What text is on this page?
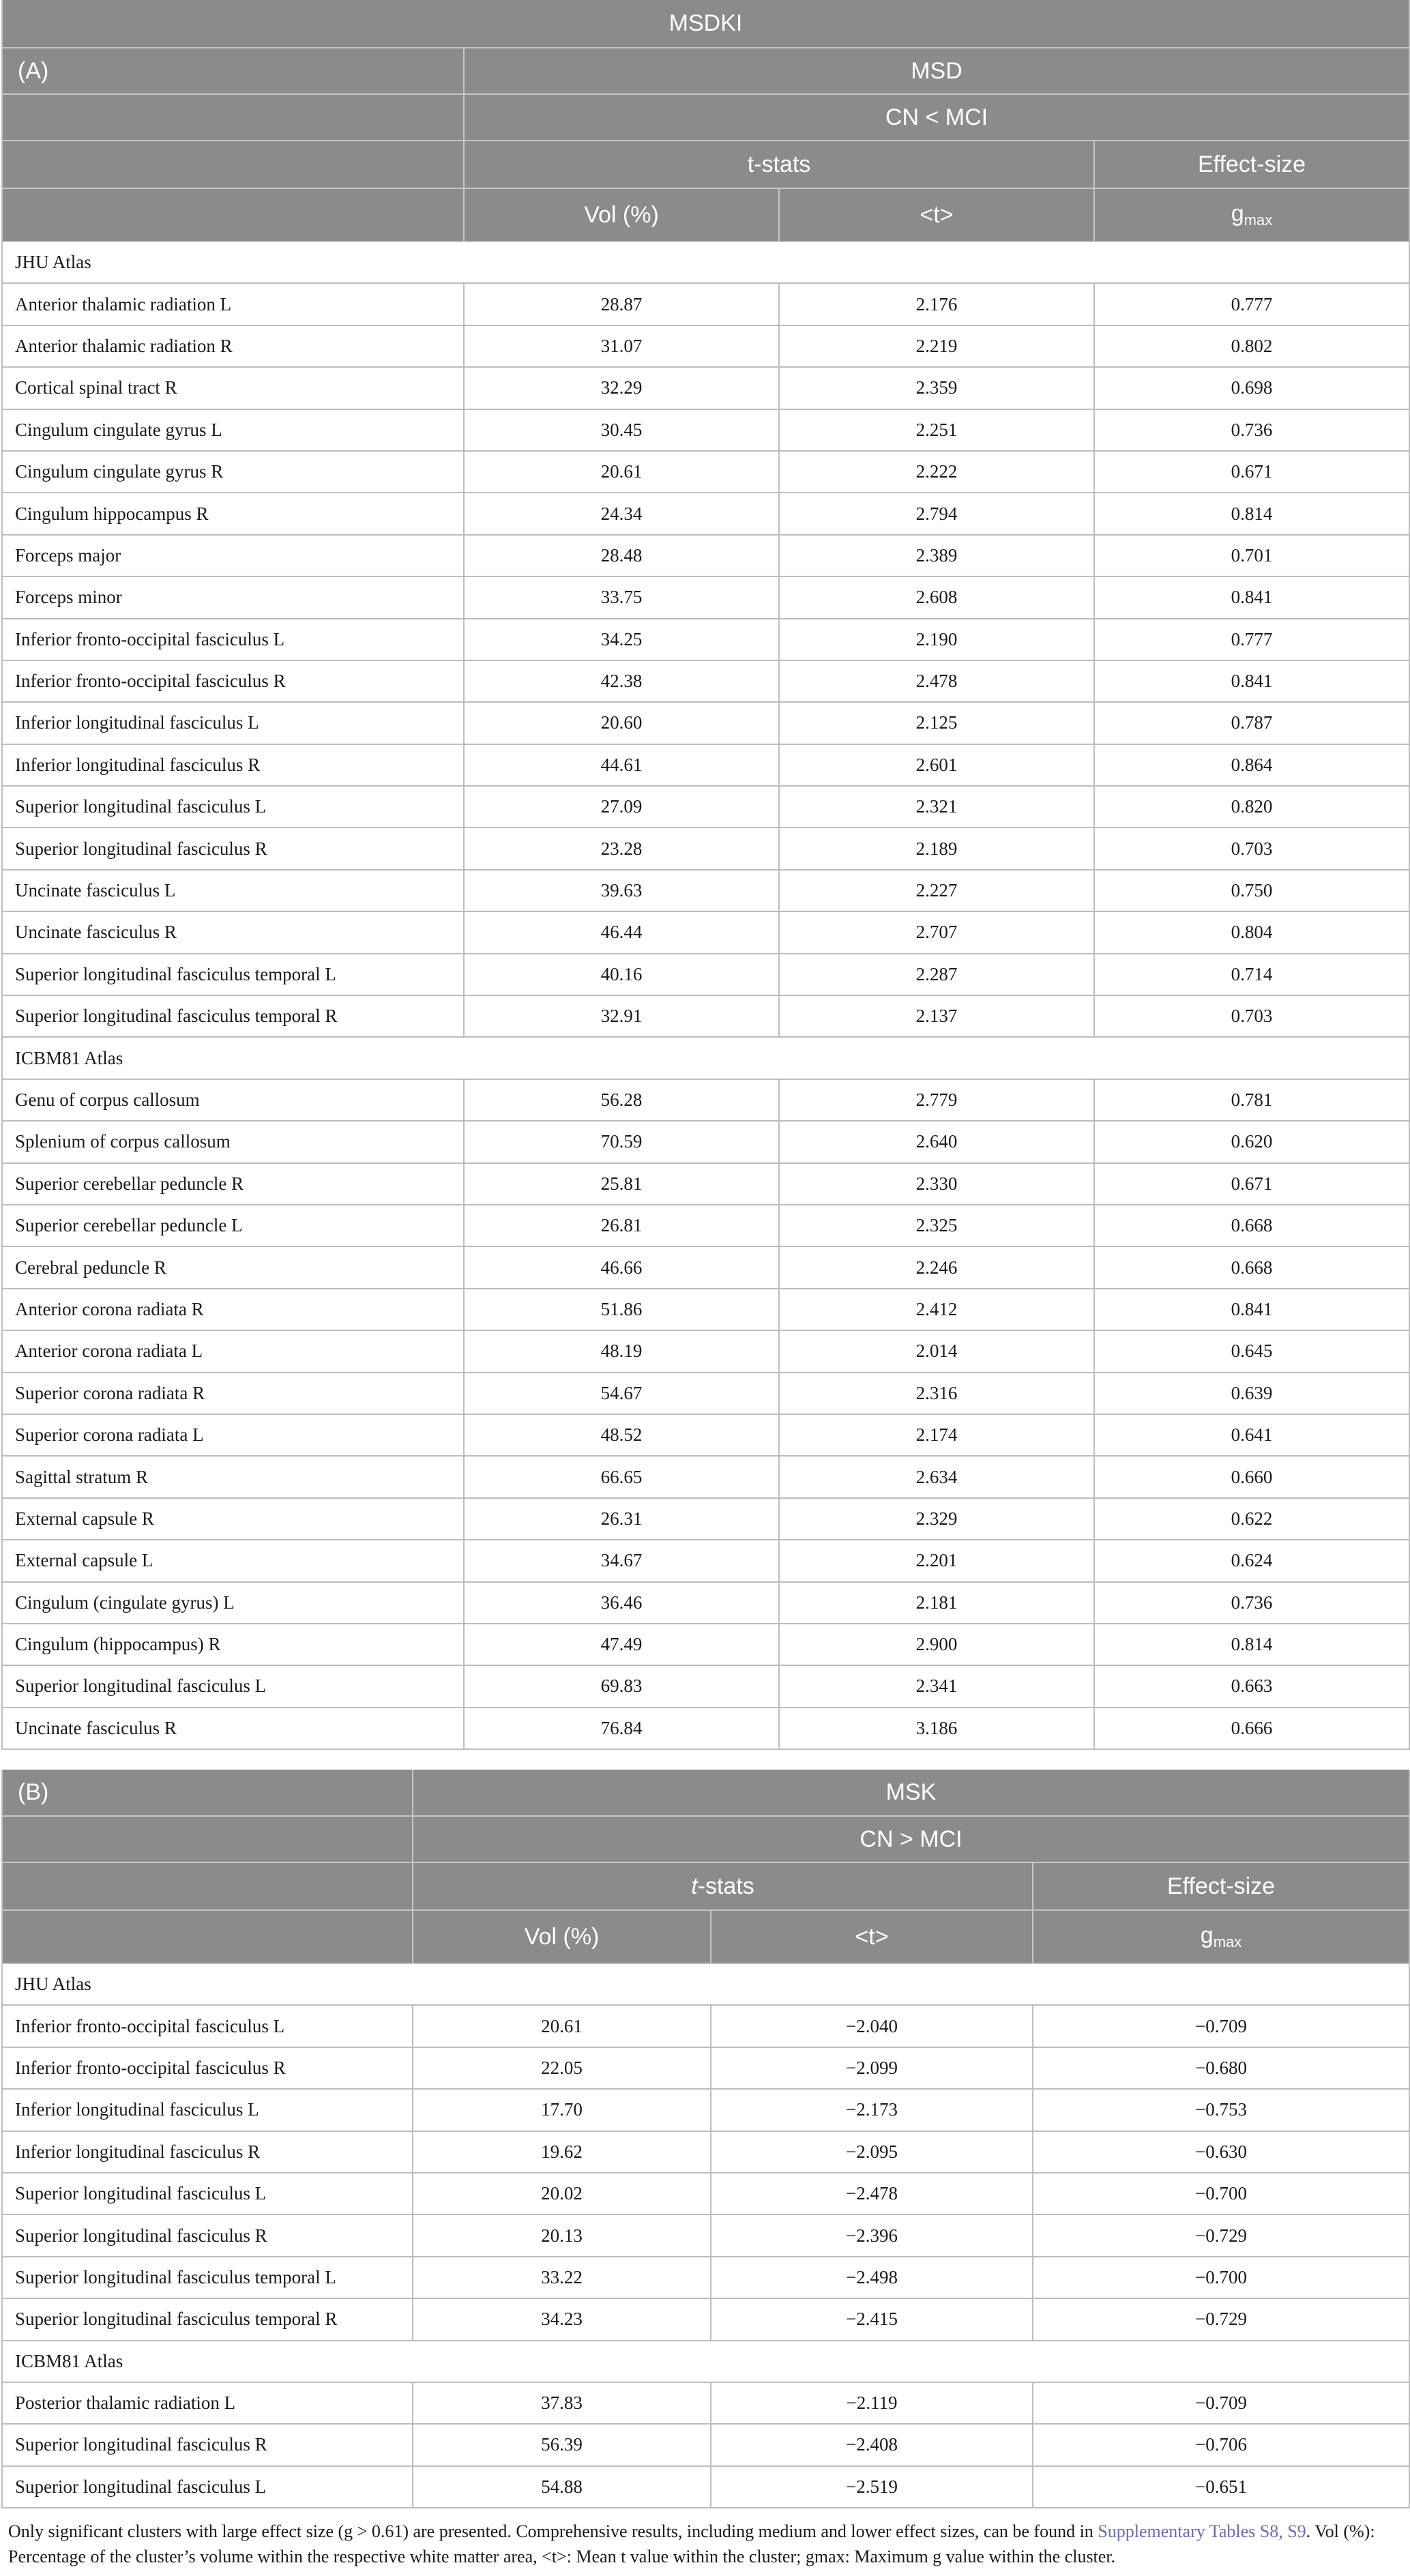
MSDKI			
(A)	MSD		
	CN < MCI		
	t-stats		Effect-size
	Vol (%)	<t>	$g_{max}$
JHU Atlas			
Anterior thalamic radiation L	28.87	2.176	0.777
Anterior thalamic radiation R	31.07	2.219	0.802
Cortical spinal tract R	32.29	2.359	0.698
Cingulum cingulate gyrus L	30.45	2.251	0.736
Cingulum cingulate gyrus R	20.61	2.222	0.671
Cingulum hippocampus R	24.34	2.794	0.814
Forceps major	28.48	2.389	0.701
Forceps minor	33.75	2.608	0.841
Inferior fronto-occipital fasciculus L	34.25	2.190	0.777
Inferior fronto-occipital fasciculus R	42.38	2.478	0.841
Inferior longitudinal fasciculus L	20.60	2.125	0.787
Inferior longitudinal fasciculus R	44.61	2.601	0.864
Superior longitudinal fasciculus L	27.09	2.321	0.820
Superior longitudinal fasciculus R	23.28	2.189	0.703
Uncinate fasciculus L	39.63	2.227	0.750
Uncinate fasciculus R	46.44	2.707	0.804
Superior longitudinal fasciculus temporal L	40.16	2.287	0.714
Superior longitudinal fasciculus temporal R	32.91	2.137	0.703
ICBM81 Atlas			
Genu of corpus callosum	56.28	2.779	0.781
Splenium of corpus callosum	70.59	2.640	0.620
Superior cerebellar peduncle R	25.81	2.330	0.671
Superior cerebellar peduncle L	26.81	2.325	0.668
Cerebral peduncle R	46.66	2.246	0.668
Anterior corona radiata R	51.86	2.412	0.841
Anterior corona radiata L	48.19	2.014	0.645
Superior corona radiata R	54.67	2.316	0.639
Superior corona radiata L	48.52	2.174	0.641
Sagittal stratum R	66.65	2.634	0.660
External capsule R	26.31	2.329	0.622
External capsule L	34.67	2.201	0.624
Cingulum (cingulate gyrus) L	36.46	2.181	0.736
Cingulum (hippocampus) R	47.49	2.900	0.814
Superior longitudinal fasciculus L	69.83	2.341	0.663
Uncinate fasciculus R	76.84	3.186	0.666
(B)	MSK		
	CN > MCI		
	t-stats		Effect-size
	Vol (%)	<t>	$g_{max}$
JHU Atlas			
Inferior fronto-occipital fasciculus L	20.61	−2.040	−0.709
Inferior fronto-occipital fasciculus R	22.05	−2.099	−0.680
Inferior longitudinal fasciculus L	17.70	−2.173	−0.753
Inferior longitudinal fasciculus R	19.62	−2.095	−0.630
Superior longitudinal fasciculus L	20.02	−2.478	−0.700
Superior longitudinal fasciculus R	20.13	−2.396	−0.729
Superior longitudinal fasciculus temporal L	33.22	−2.498	−0.700
Superior longitudinal fasciculus temporal R	34.23	−2.415	−0.729
ICBM81 Atlas			
Posterior thalamic radiation L	37.83	−2.119	−0.709
Superior longitudinal fasciculus R	56.39	−2.408	−0.706
Superior longitudinal fasciculus L	54.88	−2.519	−0.651
Only significant clusters with large effect size (g > 0.61) are presented. Comprehensive results, including medium and lower effect sizes, can be found in Supplementary Tables S8, S9. Vol (%):
Percentage of the cluster’s volume within the respective white matter area, <t>: Mean t value within the cluster; gmax: Maximum g value within the cluster.
